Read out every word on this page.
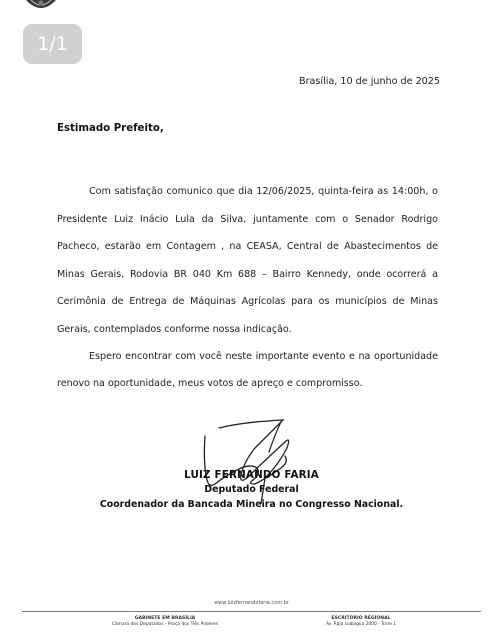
1/1
Brasília, 10 de junho de 2025
Estimado Prefeito,
Com satisfação comunico que dia 12/06/2025, quinta-feira as 14:00h, o Presidente Luiz Inácio Lula da Silva, juntamente com o Senador Rodrigo Pacheco, estarão em Contagem , na CEASA, Central de Abastecimentos de Minas Gerais, Rodovia BR 040 Km 688 – Bairro Kennedy, onde ocorrerá a Cerimônia de Entrega de Máquinas Agrícolas para os municípios de Minas Gerais, contemplados conforme nossa indicação.
Espero encontrar com você neste importante evento e na oportunidade renovo na oportunidade, meus votos de apreço e compromisso.
LUIZ FERNANDO FARIA
Deputado Federal
Coordenador da Bancada Mineira no Congresso Nacional.
www.luizfernandofaria.com.br
GABINETE EM BRASÍLIA
Câmara dos Deputados - Praça dos Três Poderes
ESCRITÓRIO REGIONAL
Av. Raja Gabaglia 2000 - Torre 1
